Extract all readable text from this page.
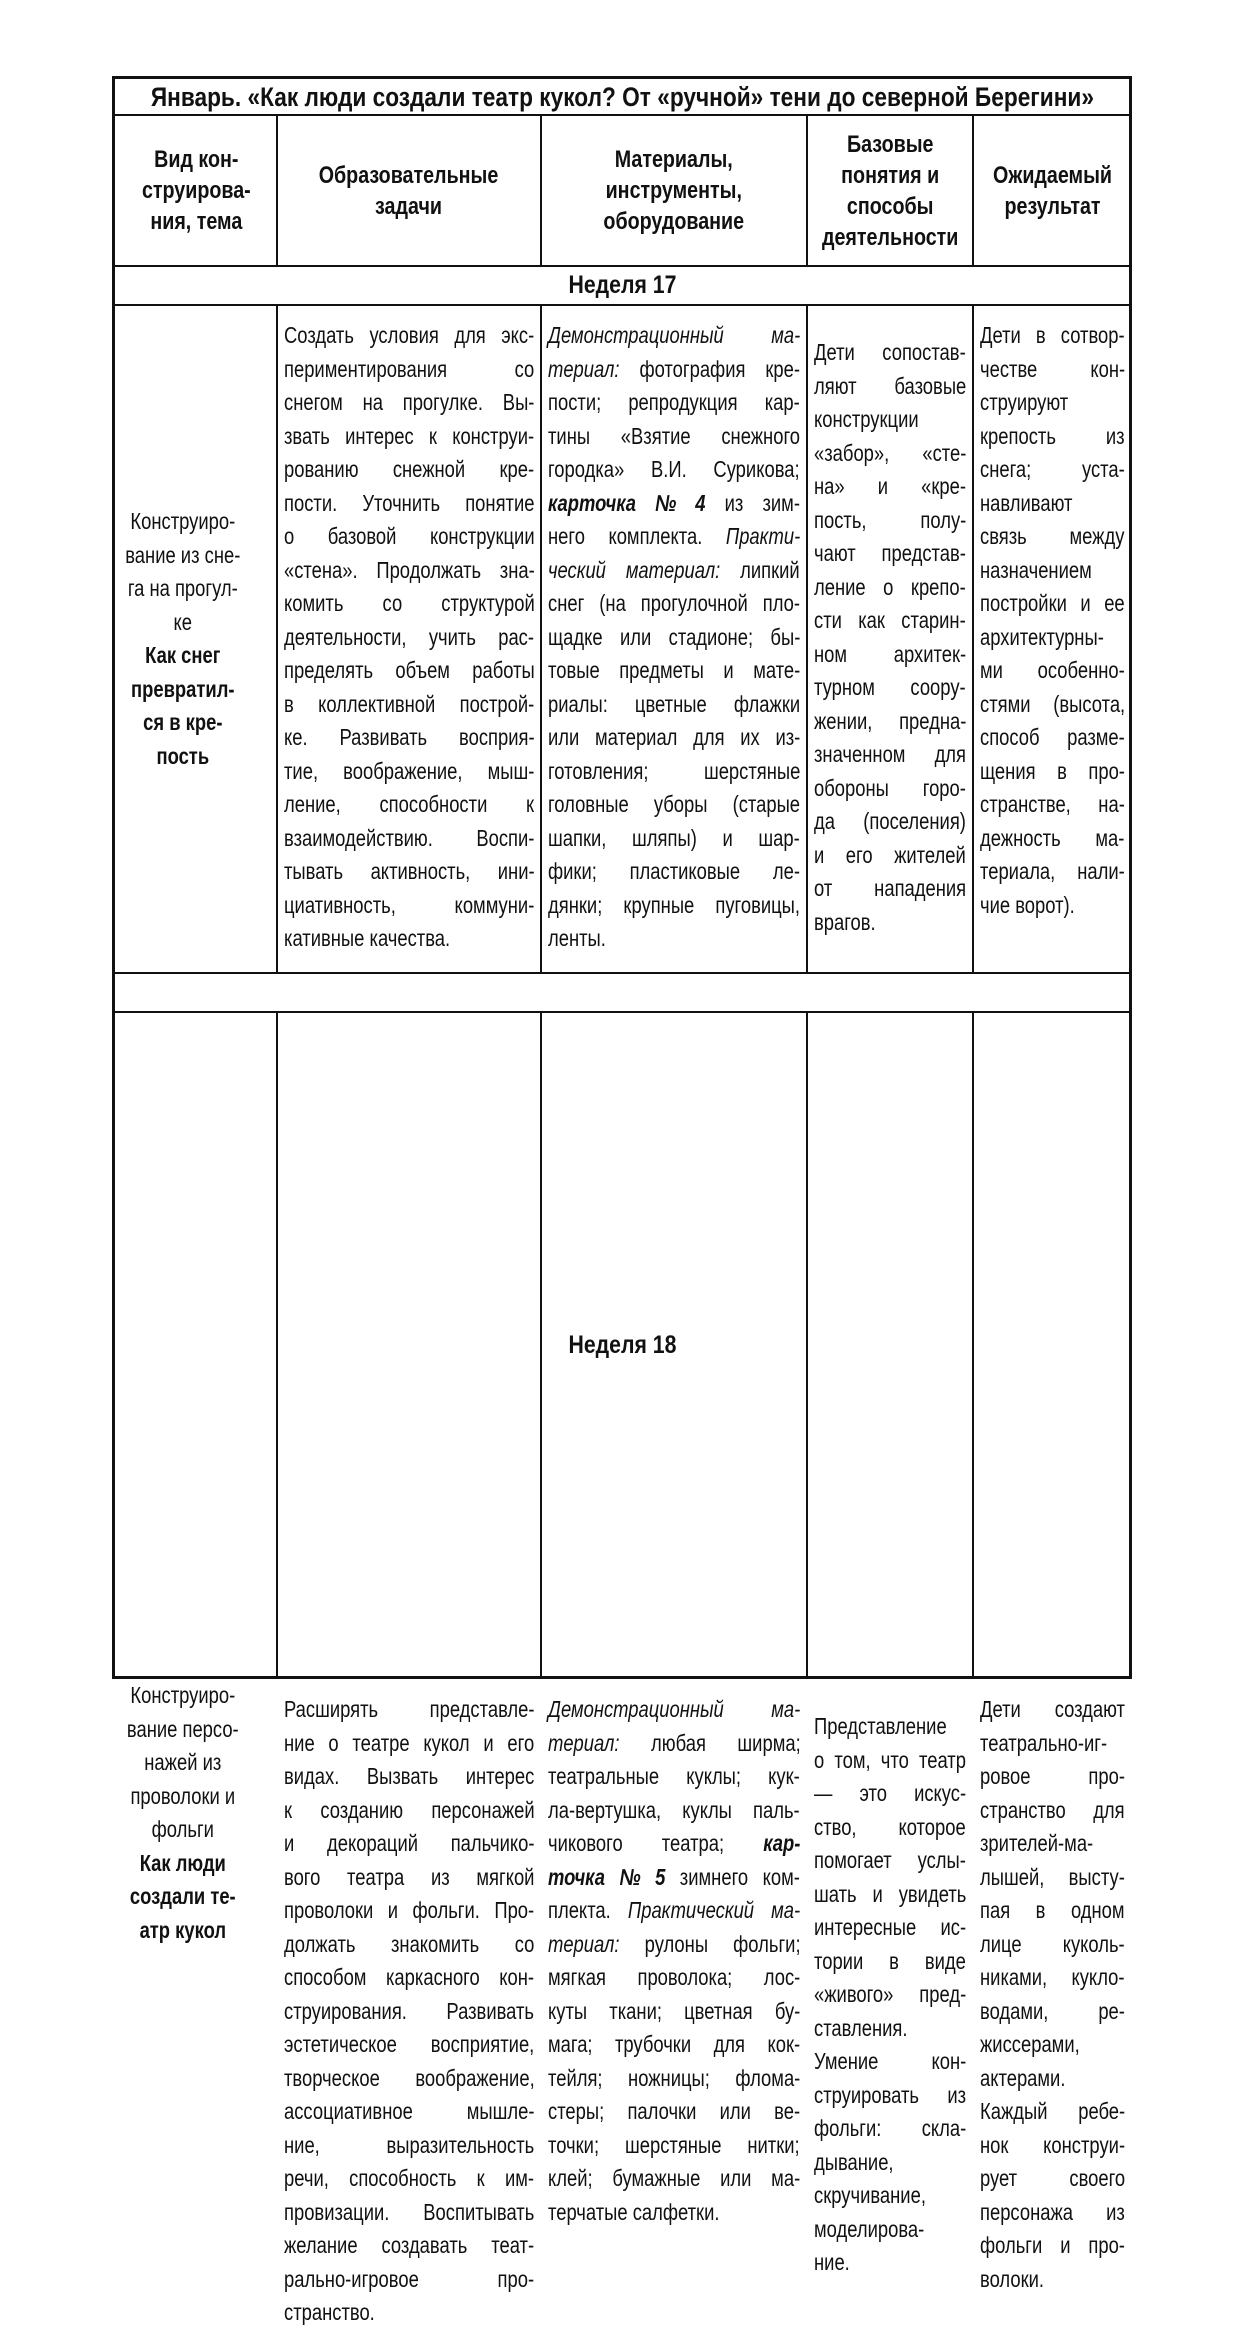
Январь. «Как люди создали театр кукол? От «ручной» тени до северной Берегини»
Вид кон-
струирова-
ния, тема
Образовательные
задачи
Материалы,
инструменты,
оборудование
Базовые
понятия и
способы
деятельности
Ожидаемый
результат
Неделя 17
Конструиро-
вание из сне-
га на прогул-
ке
Как снег
превратил-
ся в кре-
пость
Создать условия для экс-
периментирования со
снегом на прогулке. Вы-
звать интерес к конструи-
рованию снежной кре-
пости. Уточнить понятие
о базовой конструкции
«стена». Продолжать зна-
комить со структурой
деятельности, учить рас-
пределять объем работы
в коллективной построй-
ке. Развивать восприя-
тие, воображение, мыш-
ление, способности к
взаимодействию. Воспи-
тывать активность, ини-
циативность, коммуни-
кативные качества.
Демонстрационный ма-
териал: фотография кре-
пости; репродукция кар-
тины «Взятие снежного
городка» В.И. Сурикова;
карточка № 4 из зим-
него комплекта. Практи-
ческий материал: липкий
снег (на прогулочной пло-
щадке или стадионе; бы-
товые предметы и мате-
риалы: цветные флажки
или материал для их из-
готовления; шерстяные
головные уборы (старые
шапки, шляпы) и шар-
фики; пластиковые ле-
дянки; крупные пуговицы,
ленты.
Дети сопостав-
ляют базовые
конструкции
«забор», «сте-
на» и «кре-
пость, полу-
чают представ-
ление о крепо-
сти как старин-
ном архитек-
турном соору-
жении, предна-
значенном для
обороны горо-
да (поселения)
и его жителей
от нападения
врагов.
Дети в сотвор-
честве кон-
струируют
крепость из
снега; уста-
навливают
связь между
назначением
постройки и ее
архитектурны-
ми особенно-
стями (высота,
способ разме-
щения в про-
странстве, на-
дежность ма-
териала, нали-
чие ворот).
Неделя 18
Конструиро-
вание персо-
нажей из
проволоки и
фольги
Как люди
создали те-
атр кукол
Расширять представле-
ние о театре кукол и его
видах. Вызвать интерес
к созданию персонажей
и декораций пальчико-
вого театра из мягкой
проволоки и фольги. Про-
должать знакомить со
способом каркасного кон-
струирования. Развивать
эстетическое восприятие,
творческое воображение,
ассоциативное мышле-
ние, выразительность
речи, способность к им-
провизации. Воспитывать
желание создавать теат-
рально-игровое про-
странство.
Демонстрационный ма-
териал: любая ширма;
театральные куклы; кук-
ла-вертушка, куклы паль-
чикового театра; кар-
точка № 5 зимнего ком-
плекта. Практический ма-
териал: рулоны фольги;
мягкая проволока; лос-
куты ткани; цветная бу-
мага; трубочки для кок-
тейля; ножницы; флома-
стеры; палочки или ве-
точки; шерстяные нитки;
клей; бумажные или ма-
терчатые салфетки.
Представление
о том, что театр
— это искус-
ство, которое
помогает услы-
шать и увидеть
интересные ис-
тории в виде
«живого» пред-
ставления.
Умение кон-
струировать из
фольги: скла-
дывание,
скручивание,
моделирова-
ние.
Дети создают
театрально-иг-
ровое про-
странство для
зрителей-ма-
лышей, высту-
пая в одном
лице куколь-
никами, кукло-
водами, ре-
жиссерами,
актерами.
Каждый ребе-
нок конструи-
рует своего
персонажа из
фольги и про-
волоки.
